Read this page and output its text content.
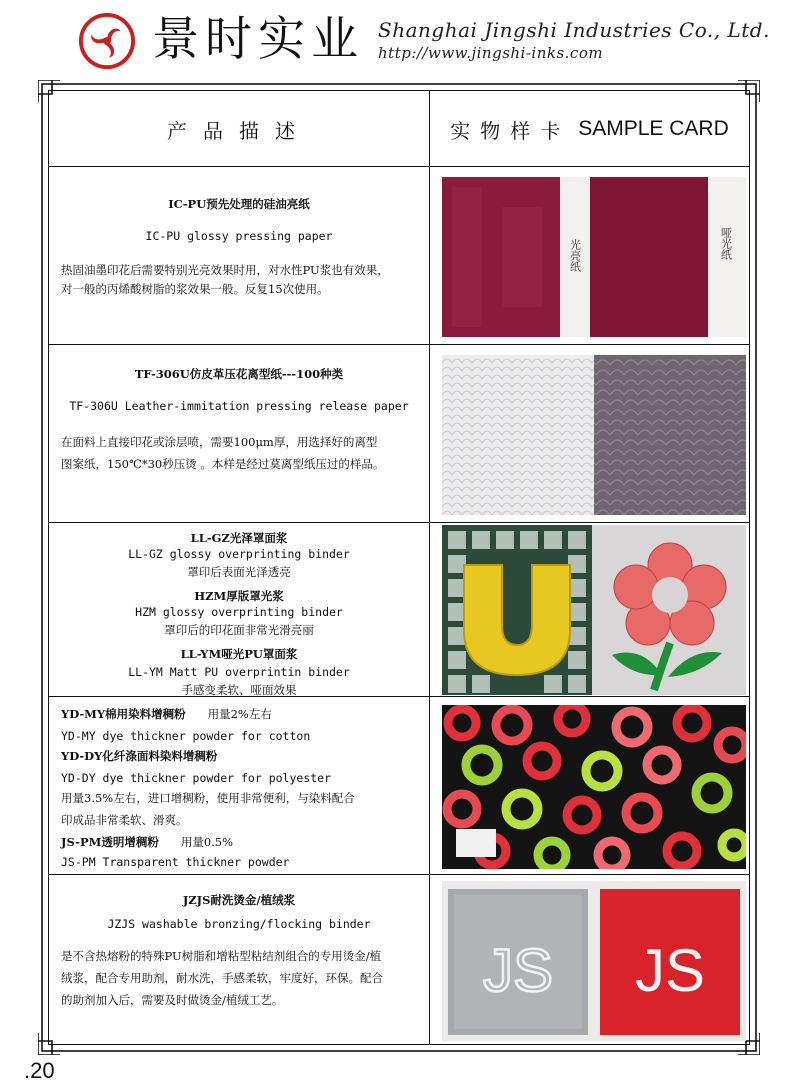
景时实业 Shanghai Jingshi Industries Co., Ltd.
http://www.jingshi-inks.com
产品描述	实物样卡 SAMPLE CARD
IC-PU预先处理的硅油亮纸
IC-PU glossy pressing paper
热固油墨印花后需要特别光亮效果时用，对水性PU浆也有效果，
对一般的丙烯酸树脂的浆效果一般。反复15次使用。
光亮纸	哑光纸
TF-306U仿皮革压花离型纸---100种类
TF-306U Leather-immitation pressing release paper
在面料上直接印花或涂层喷，需要100μm厚，用选择好的离型
图案纸，150℃*30秒压烫 。本样是经过莫离型纸压过的样品。
LL-GZ光泽罩面浆
LL-GZ glossy overprinting binder
罩印后表面光泽透亮
HZM厚版罩光浆
HZM glossy overprinting binder
罩印后的印花面非常光滑亮丽
LL-YM哑光PU罩面浆
LL-YM Matt PU overprintin binder
手感变柔软、哑面效果
YD-MY棉用染料增稠粉 用量2%左右
YD-MY dye thickner powder for cotton
YD-DY化纤涤面料染料增稠粉
YD-DY dye thickner powder for polyester
用量3.5%左右，进口增稠粉，使用非常便利，与染料配合
印成品非常柔软、滑爽。
JS-PM透明增稠粉 用量0.5%
JS-PM Transparent thickner powder
JZJS耐洗烫金/植绒浆
JZJS washable bronzing/flocking binder
是不含热熔粉的特殊PU树脂和增粘型粘结剂组合的专用烫金/植
绒浆，配合专用助剂，耐水洗，手感柔软，牢度好，环保。配合
的助剂加入后，需要及时做烫金/植绒工艺。	JS JS
.20
